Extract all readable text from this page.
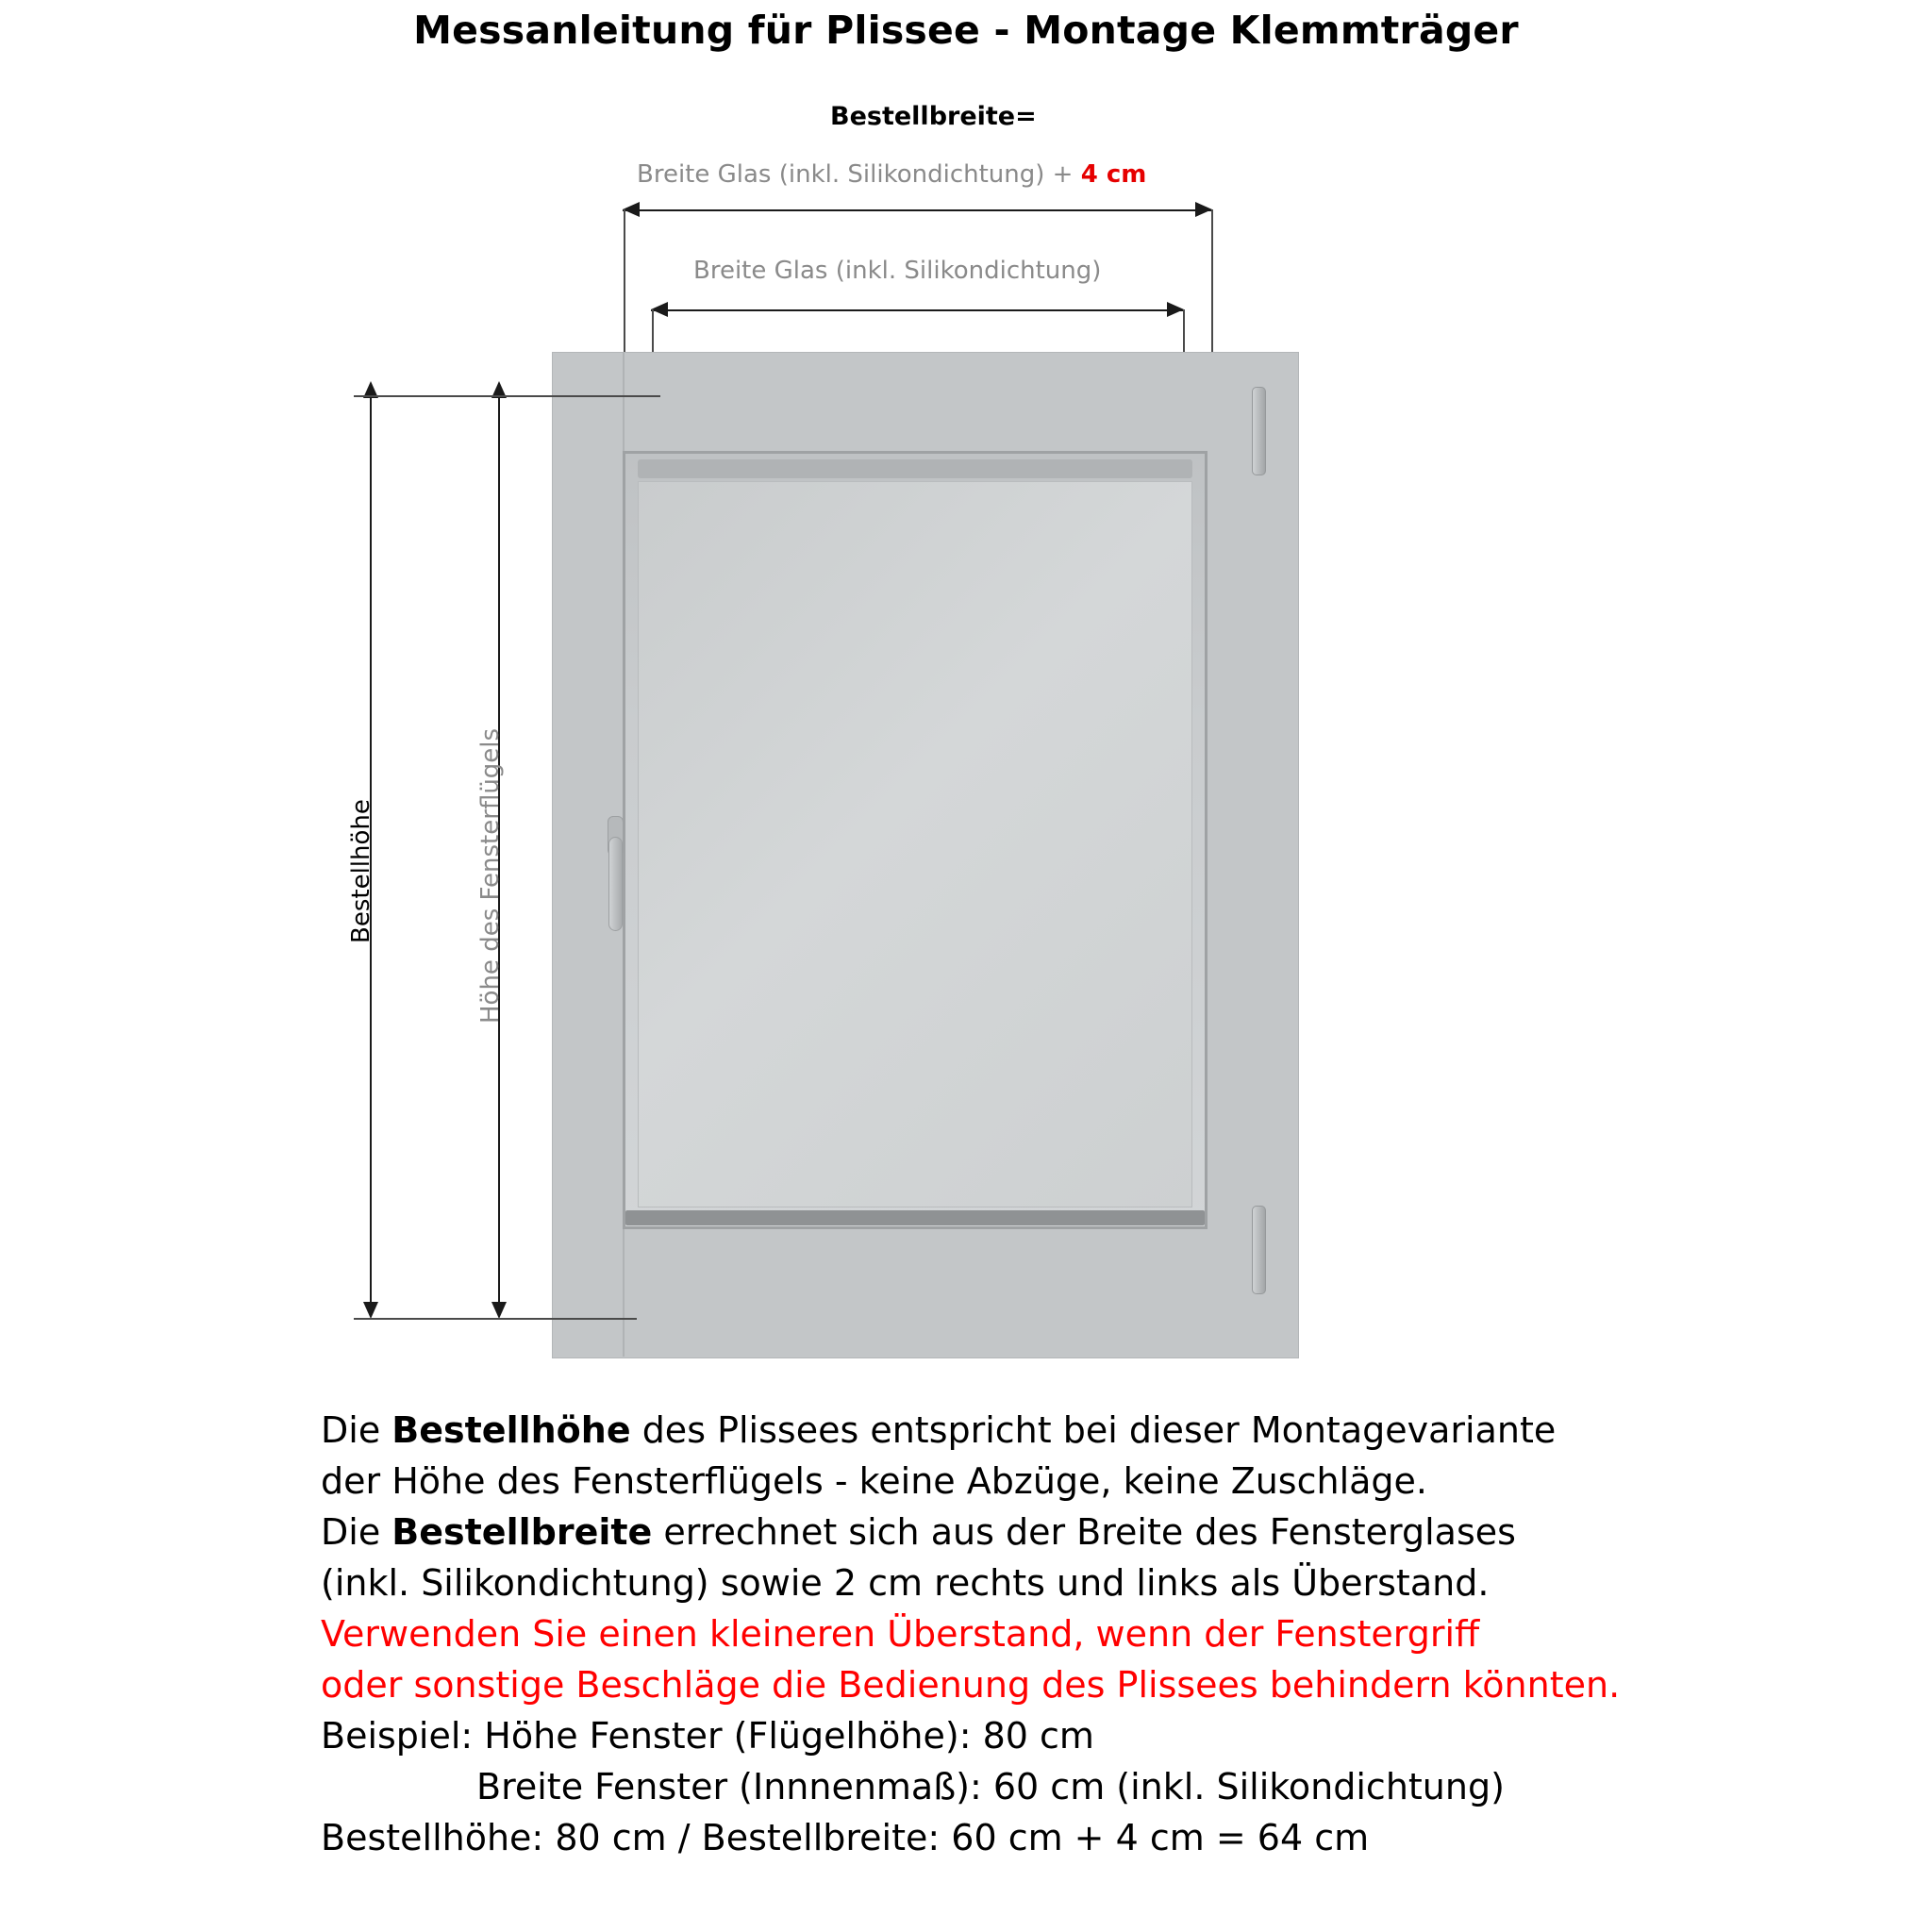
Messanleitung für Plissee - Montage Klemmträger
Bestellbreite=
Breite Glas (inkl. Silikondichtung) + 4 cm
Breite Glas (inkl. Silikondichtung)
Bestellhöhe	Höhe des Fensterflügels

Die Bestellhöhe des Plissees entspricht bei dieser Montagevariante

der Höhe des Fensterflügels - keine Abzüge, keine Zuschläge.

Die Bestellbreite errechnet sich aus der Breite des Fensterglases

(inkl. Silikondichtung) sowie 2 cm rechts und links als Überstand.

Verwenden Sie einen kleineren Überstand, wenn der Fenstergriff

oder sonstige Beschläge die Bedienung des Plissees behindern könnten.

Beispiel: Höhe Fenster (Flügelhöhe): 80 cm

Breite Fenster (Innnenmaß): 60 cm (inkl. Silikondichtung)

Bestellhöhe: 80 cm / Bestellbreite: 60 cm + 4 cm = 64 cm
